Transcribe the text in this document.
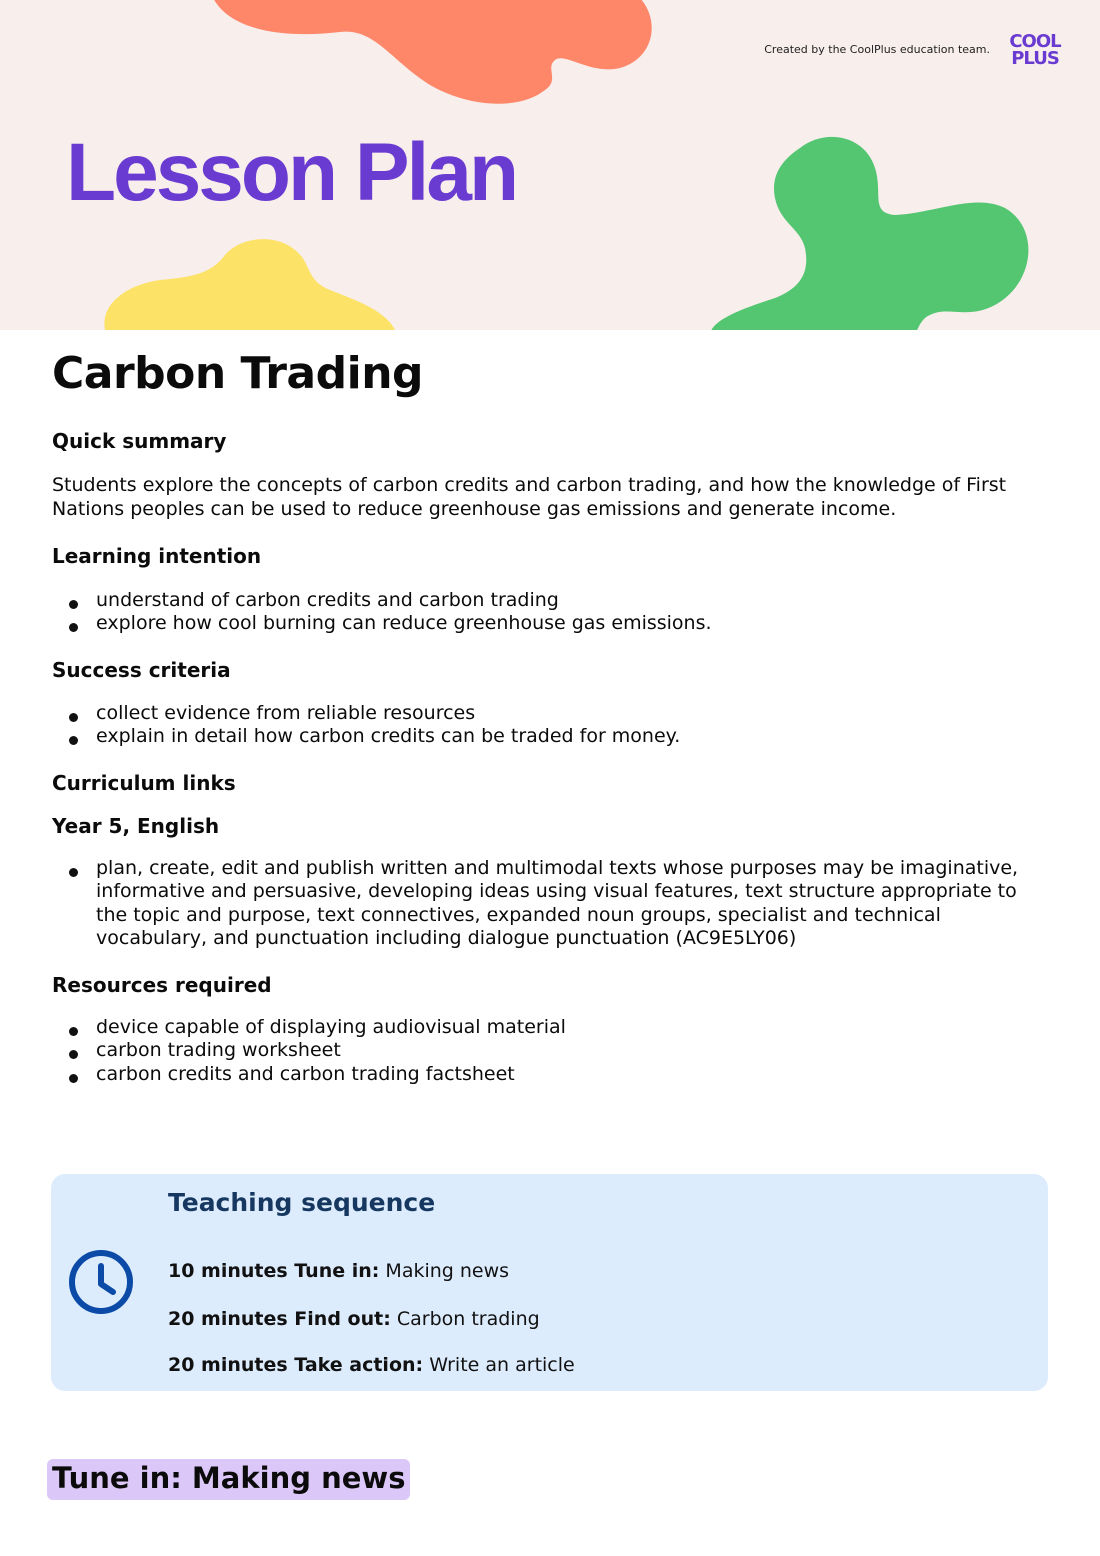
Created by the CoolPlus education team.	COOL
PLUS
Lesson Plan
Carbon Trading
Quick summary

Students explore the concepts of carbon credits and carbon trading, and how the knowledge of First Nations peoples can be used to reduce greenhouse gas emissions and generate income.

Learning intention
understand of carbon credits and carbon trading
explore how cool burning can reduce greenhouse gas emissions.
Success criteria
collect evidence from reliable resources
explain in detail how carbon credits can be traded for money.
Curriculum links
Year 5, English
plan, create, edit and publish written and multimodal texts whose purposes may be imaginative, informative and persuasive, developing ideas using visual features, text structure appropriate to the topic and purpose, text connectives, expanded noun groups, specialist and technical vocabulary, and punctuation including dialogue punctuation (AC9E5LY06)
Resources required
device capable of displaying audiovisual material
carbon trading worksheet
carbon credits and carbon trading factsheet
Teaching sequence
10 minutes Tune in: Making news
20 minutes Find out: Carbon trading
20 minutes Take action: Write an article
Tune in: Making news
